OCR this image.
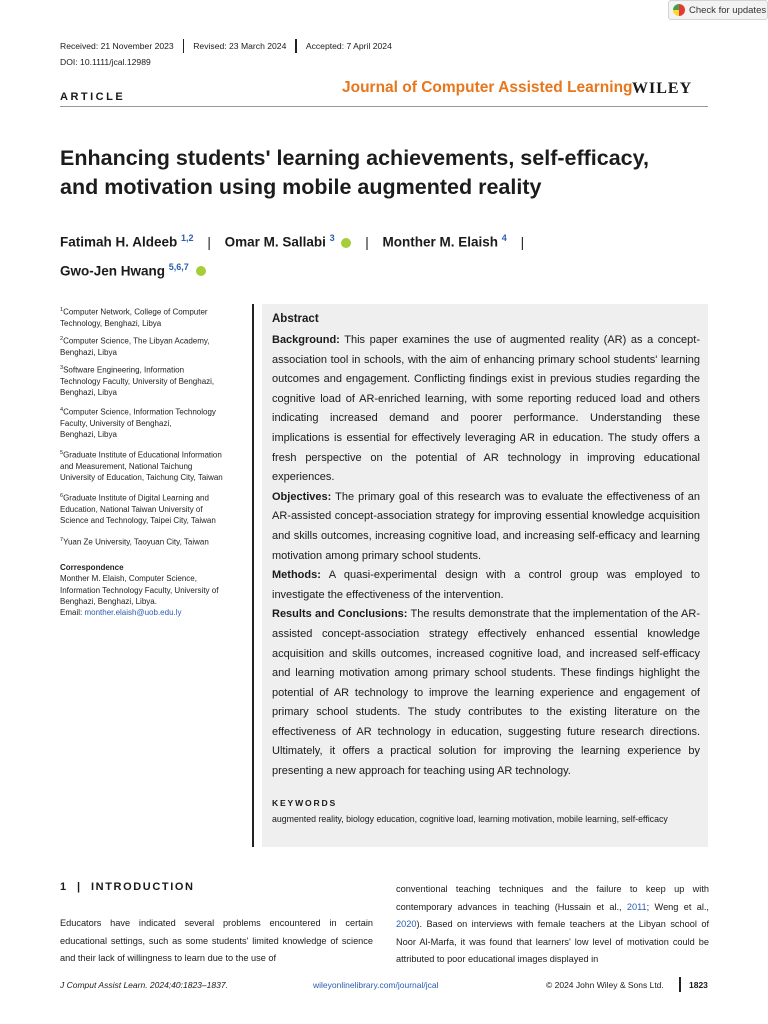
Check for updates
Received: 21 November 2023	Revised: 23 March 2024	Accepted: 7 April 2024
DOI: 10.1111/jcal.12989
ARTICLE
Journal of Computer Assisted Learning WILEY
Enhancing students' learning achievements, self-efficacy,
and motivation using mobile augmented reality
Fatimah H. Aldeeb $^{1,2}$ | Omar M. Sallabi $^3$ | Monther M. Elaish $^4$ |
Gwo-Jen Hwang $^{5,6,7}$
$^1$Computer Network, College of Computer
Technology, Benghazi, Libya
$^2$Computer Science, The Libyan Academy,
Benghazi, Libya
$^3$Software Engineering, Information
Technology Faculty, University of Benghazi,
Benghazi, Libya
$^4$Computer Science, Information Technology
Faculty, University of Benghazi,
Benghazi, Libya
$^5$Graduate Institute of Educational Information
and Measurement, National Taichung
University of Education, Taichung City, Taiwan
$^6$Graduate Institute of Digital Learning and
Education, National Taiwan University of
Science and Technology, Taipei City, Taiwan
$^7$Yuan Ze University, Taoyuan City, Taiwan
Correspondence
Monther M. Elaish, Computer Science,
Information Technology Faculty, University of
Benghazi, Benghazi, Libya.
Email: monther.elaish@uob.edu.ly
Abstract

Background: This paper examines the use of augmented reality (AR) as a concept-association tool in schools, with the aim of enhancing primary school students' learning outcomes and engagement. Conflicting findings exist in previous studies regarding the cognitive load of AR-enriched learning, with some reporting reduced load and others indicating increased demand and poorer performance. Understanding these implications is essential for effectively leveraging AR in education. The study offers a fresh perspective on the potential of AR technology in improving educational experiences.

Objectives: The primary goal of this research was to evaluate the effectiveness of an AR-assisted concept-association strategy for improving essential knowledge acquisition and skills outcomes, increasing cognitive load, and increasing self-efficacy and learning motivation among primary school students.

Methods: A quasi-experimental design with a control group was employed to investigate the effectiveness of the intervention.

Results and Conclusions: The results demonstrate that the implementation of the AR-assisted concept-association strategy effectively enhanced essential knowledge acquisition and skills outcomes, increased cognitive load, and increased self-efficacy and learning motivation among primary school students. These findings highlight the potential of AR technology to improve the learning experience and engagement of primary school students. The study contributes to the existing literature on the effectiveness of AR technology in education, suggesting future research directions. Ultimately, it offers a practical solution for improving the learning experience by presenting a new approach for teaching using AR technology.

KEYWORDS
augmented reality, biology education, cognitive load, learning motivation, mobile learning, self-efficacy
1  |  INTRODUCTION
Educators have indicated several problems encountered in certain educational settings, such as some students' limited knowledge of science and their lack of willingness to learn due to the use of
conventional teaching techniques and the failure to keep up with contemporary advances in teaching (Hussain et al., 2011; Weng et al., 2020). Based on interviews with female teachers at the Libyan school of Noor Al-Marfa, it was found that learners' low level of motivation could be attributed to poor educational images displayed in
J Comput Assist Learn. 2024;40:1823–1837.	wileyonlinelibrary.com/journal/jcal	© 2024 John Wiley & Sons Ltd.	1823
